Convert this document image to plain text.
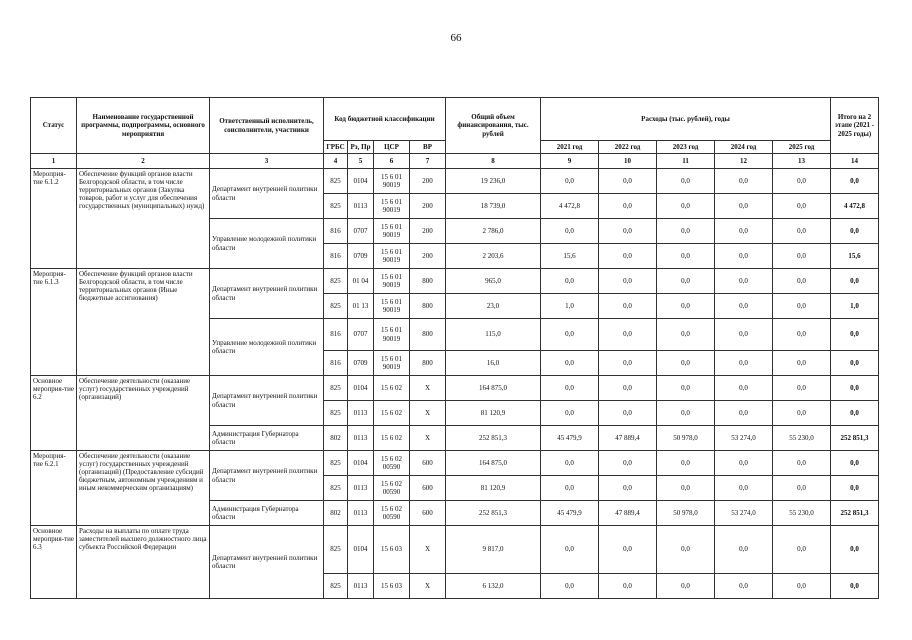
66
Статус	Наименование государственной программы, подпрограммы, основного мероприятия	Ответственный исполнитель, соисполнители, участники	Код бюджетной классификации				Общий объем финансирования, тыс. рублей	Расходы (тыс. рублей), годы					Итого на 2 этапе (2021 - 2025 годы)
			ГРБС	Рз, Пр	ЦСР	ВР		2021 год	2022 год	2023 год	2024 год	2025 год	
1	2	3	4	5	6	7	8	9	10	11	12	13	14
Мероприя-тие 6.1.2	Обеспечение функций органов власти Белгородской области, в том числе территориальных органов (Закупка товаров, работ и услуг для обеспечения государственных (муниципальных) нужд)	Департамент внутренней политики области	825	0104	15 6 01 90019	200	19 236,0	0,0	0,0	0,0	0,0	0,0	0,0
			825	0113	15 6 01 90019	200	18 739,0	4 472,8	0,0	0,0	0,0	0,0	4 472,8
		Управление молодежной политики области	816	0707	15 6 01 90019	200	2 786,0	0,0	0,0	0,0	0,0	0,0	0,0
			816	0709	15 6 01 90019	200	2 203,6	15,6	0,0	0,0	0,0	0,0	15,6
Мероприя-тие 6.1.3	Обеспечение функций органов власти Белгородской области, в том числе территориальных органов (Иные бюджетные ассигнования)	Департамент внутренней политики области	825	01 04	15 6 01 90019	800	965,0	0,0	0,0	0,0	0,0	0,0	0,0
			825	01 13	15 6 01 90019	800	23,0	1,0	0,0	0,0	0,0	0,0	1,0
		Управление молодежной политики области	816	0707	15 6 01 90019	800	115,0	0,0	0,0	0,0	0,0	0,0	0,0
			816	0709	15 6 01 90019	800	16,0	0,0	0,0	0,0	0,0	0,0	0,0
Основное мероприя-тие 6.2	Обеспечение деятельности (оказание услуг) государственных учреждений (организаций)	Департамент внутренней политики области	825	0104	15 6 02	X	164 875,0	0,0	0,0	0,0	0,0	0,0	0,0
			825	0113	15 6 02	X	81 120,9	0,0	0,0	0,0	0,0	0,0	0,0
		Администрация Губернатора области	802	0113	15 6 02	X	252 851,3	45 479,9	47 889,4	50 978,0	53 274,0	55 230,0	252 851,3
Мероприя-тие 6.2.1	Обеспечение деятельности (оказание услуг) государственных учреждений (организаций) (Предоставление субсидий бюджетным, автономным учреждениям и иным некоммерческим организациям)	Департамент внутренней политики области	825	0104	15 6 02 00590	600	164 875,0	0,0	0,0	0,0	0,0	0,0	0,0
			825	0113	15 6 02 00590	600	81 120,9	0,0	0,0	0,0	0,0	0,0	0,0
		Администрация Губернатора области	802	0113	15 6 02 00590	600	252 851,3	45 479,9	47 889,4	50 978,0	53 274,0	55 230,0	252 851,3
Основное мероприя-тие 6.3	Расходы на выплаты по оплате труда заместителей высшего должностного лица субъекта Российской Федерации	Департамент внутренней политики области	825	0104	15 6 03	X	9 817,0	0,0	0,0	0,0	0,0	0,0	0,0
			825	0113	15 6 03	X	6 132,0	0,0	0,0	0,0	0,0	0,0	0,0
